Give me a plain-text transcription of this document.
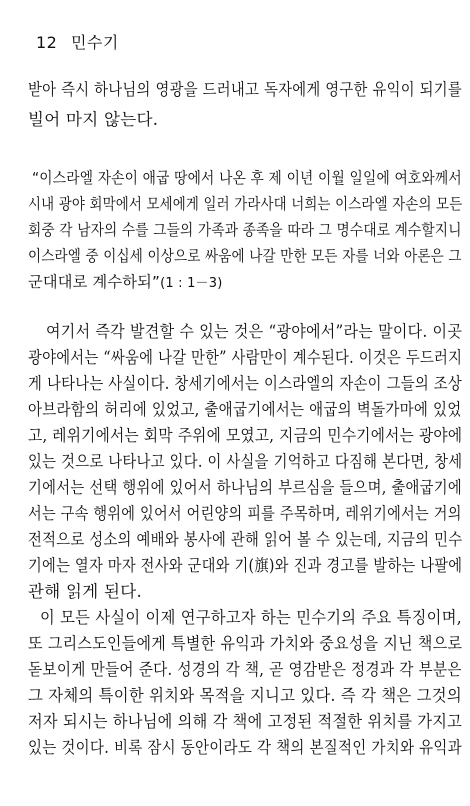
12 민수기
받아 즉시 하나님의 영광을 드러내고 독자에게 영구한 유익이 되기를
빌어 마지 않는다.
“이스라엘 자손이 애굽 땅에서 나온 후 제 이년 이월 일일에 여호와께서
시내 광야 회막에서 모세에게 일러 가라사대 너희는 이스라엘 자손의 모든
회중 각 남자의 수를 그들의 가족과 종족을 따라 그 명수대로 계수할지니
이스라엘 중 이십세 이상으로 싸움에 나갈 만한 모든 자를 너와 아론은 그
군대대로 계수하되”(1 : 1－3)
여기서 즉각 발견할 수 있는 것은 “광야에서”라는 말이다. 이곳
광야에서는 “싸움에 나갈 만한” 사람만이 계수된다. 이것은 두드러지
게 나타나는 사실이다. 창세기에서는 이스라엘의 자손이 그들의 조상
아브라함의 허리에 있었고, 출애굽기에서는 애굽의 벽돌가마에 있었
고, 레위기에서는 회막 주위에 모였고, 지금의 민수기에서는 광야에
있는 것으로 나타나고 있다. 이 사실을 기억하고 다짐해 본다면, 창세
기에서는 선택 행위에 있어서 하나님의 부르심을 들으며, 출애굽기에
서는 구속 행위에 있어서 어린양의 피를 주목하며, 레위기에서는 거의
전적으로 성소의 예배와 봉사에 관해 읽어 볼 수 있는데, 지금의 민수
기에는 열자 마자 전사와 군대와 기(旗)와 진과 경고를 발하는 나팔에
관해 읽게 된다.
이 모든 사실이 이제 연구하고자 하는 민수기의 주요 특징이며,
또 그리스도인들에게 특별한 유익과 가치와 중요성을 지닌 책으로
돋보이게 만들어 준다. 성경의 각 책, 곧 영감받은 정경과 각 부분은
그 자체의 특이한 위치와 목적을 지니고 있다. 즉 각 책은 그것의
저자 되시는 하나님에 의해 각 책에 고정된 적절한 위치를 가지고
있는 것이다. 비록 잠시 동안이라도 각 책의 본질적인 가치와 유익과
